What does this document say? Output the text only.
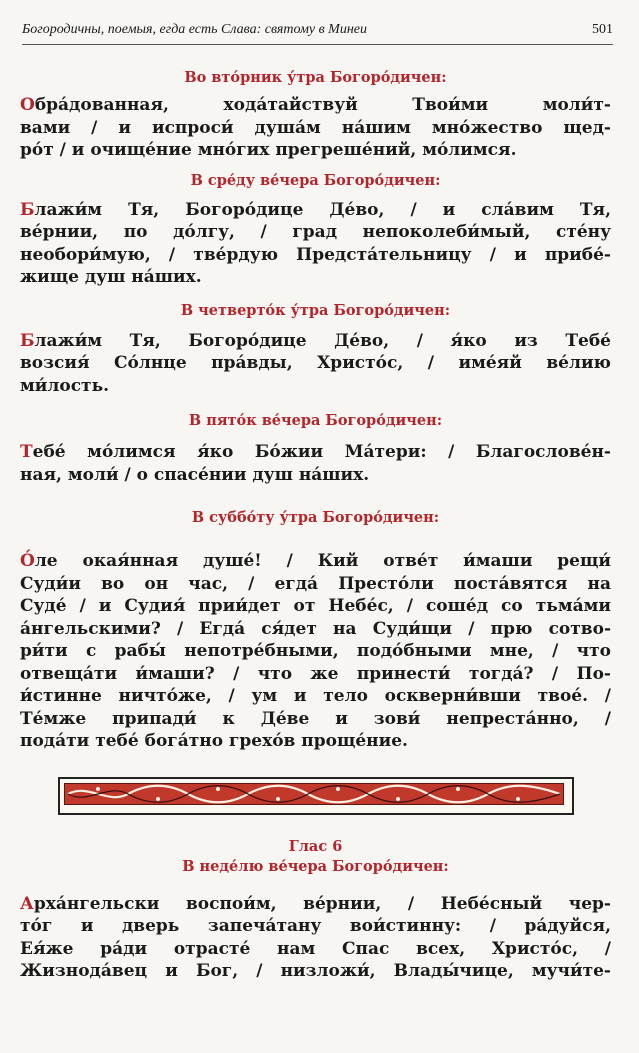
Богородичны, поемыя, егда есть Слава: святому в Минеи	501
Во вто́рник у́тра Богоро́дичен:
Обра́дованная, хода́тайствуй Твои́ми моли́т-
вами / и испроси́ душа́м на́шим мно́жество щед-
ро́т / и очище́ние мно́гих прегреше́ний, мо́лимся.
В сре́ду ве́чера Богоро́дичен:
Блажи́м Тя, Богоро́дице Де́во, / и сла́вим Тя,
ве́рнии, по до́лгу, / град непоколеби́мый, сте́ну
необори́мую, / тве́рдую Предста́тельницу / и прибе́-
жище душ на́ших.
В четверто́к у́тра Богоро́дичен:
Блажи́м Тя, Богоро́дице Де́во, / я́ко из Тебе́
возсия́ Со́лнце пра́вды, Христо́с, / име́яй ве́лию
ми́лость.
В пято́к ве́чера Богоро́дичен:
Тебе́ мо́лимся я́ко Бо́жии Ма́тери: / Благослове́н-
ная, моли́ / о спасе́нии душ на́ших.
В суббо́ту у́тра Богоро́дичен:
О́ле окая́нная душе́! / Кий отве́т и́маши рещи́
Суди́и во он час, / егда́ Престо́ли поста́вятся на
Суде́ / и Судия́ прии́дет от Небе́с, / соше́д со тьма́ми
а́нгельскими? / Егда́ ся́дет на Суди́щи / прю сотво-
ри́ти с рабы́ непотре́бными, подо́бными мне, / что
отвеща́ти и́маши? / что же принести́ тогда́? / По-
и́стинне ничто́же, / ум и тело оскверни́вши твое́. /
Те́мже припади́ к Де́ве и зови́ непреста́нно, /
пода́ти тебе́ бога́тно грехо́в проще́ние.
Глас 6
В неде́лю ве́чера Богоро́дичен:
Арха́нгельски воспои́м, ве́рнии, / Небе́сный чер-
то́г и дверь запеча́тану вои́стинну: / ра́дуйся,
Ея́же ра́ди отрасте́ нам Спас всех, Христо́с, /
Жизнода́вец и Бог, / низложи́, Влады́чице, мучи́те-
